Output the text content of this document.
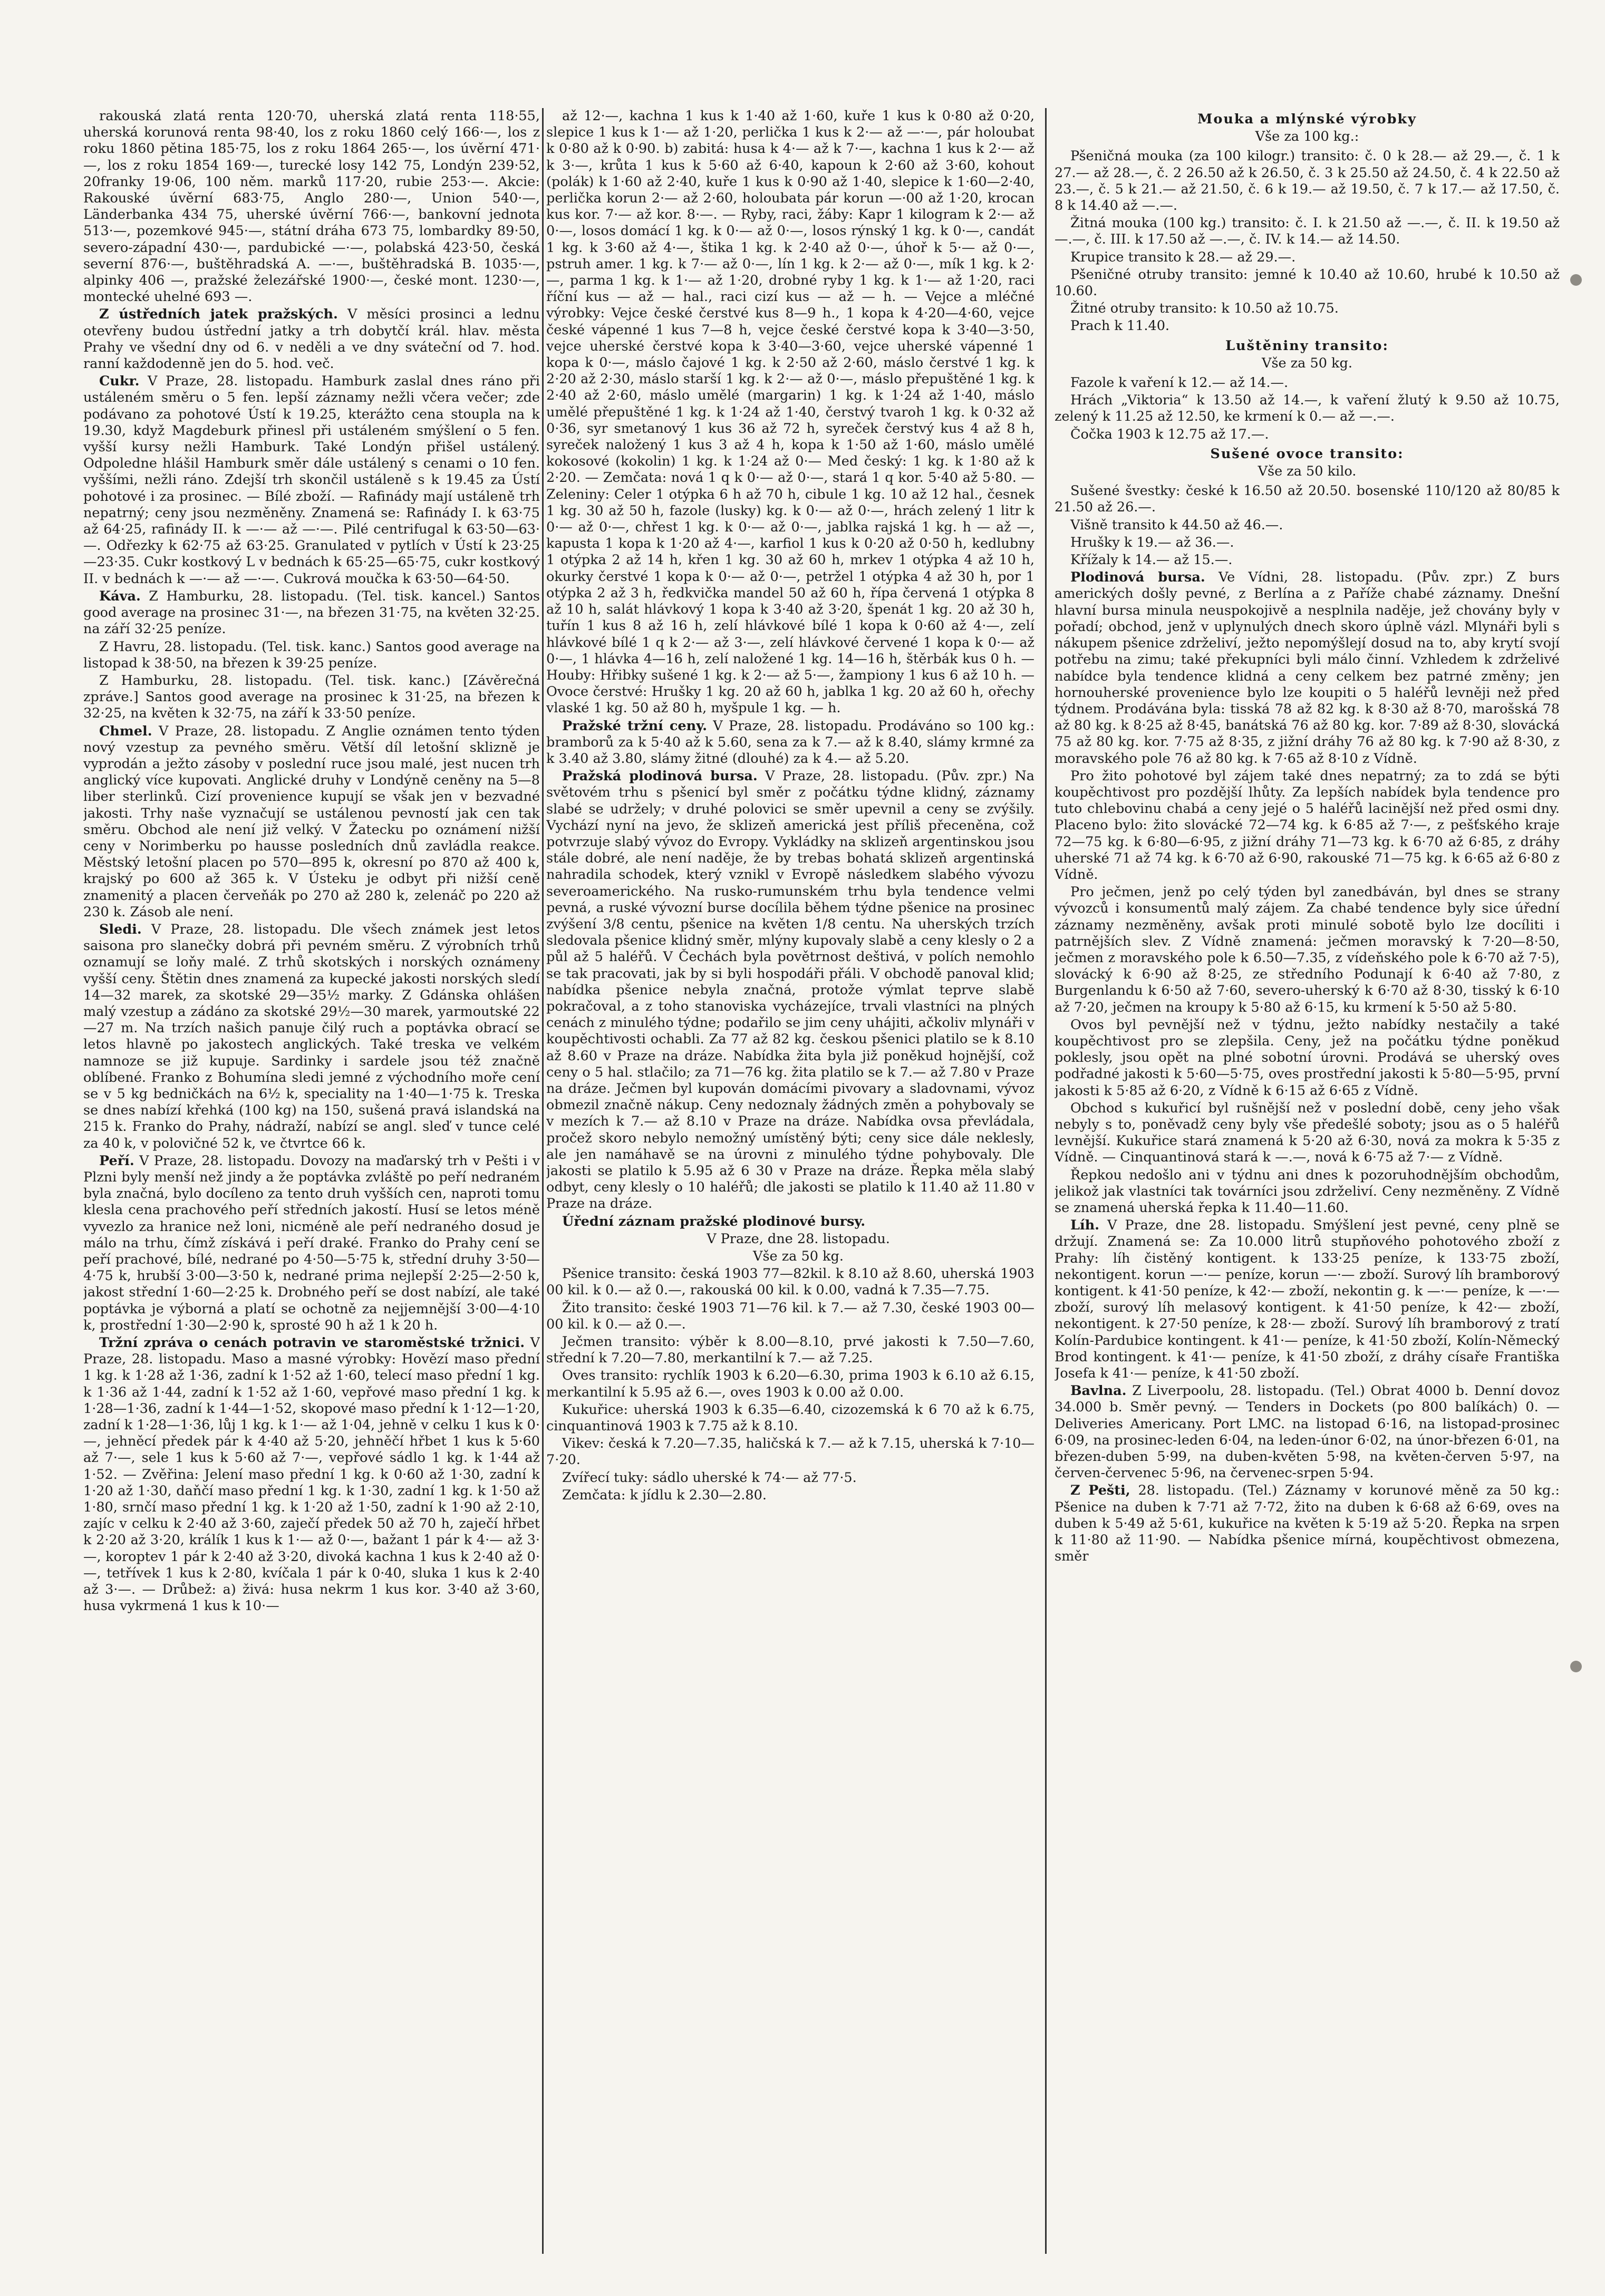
rakouská zlatá renta 120·70, uherská zlatá renta 118·55, uherská korunová renta 98·40, los z roku 1860 celý 166·—, los z roku 1860 pětina 185·75, los z roku 1864 265·—, los úvěrní 471·—, los z roku 1854 169·—, turecké losy 142 75, Londýn 239·52, 20franky 19·06, 100 něm. marků 117·20, rubie 253·—. Akcie: Rakouské úvěrní 683·75, Anglo 280·—, Union 540·—, Länderbanka 434 75, uherské úvěrní 766·—, bankovní jednota 513·—, pozemkové 945·—, státní dráha 673 75, lombardky 89·50, severo-západní 430·—, pardubické —·—, polabská 423·50, česká severní 876·—, buštěhradská A. —·—, buštěhradská B. 1035·—, alpinky 406 —, pražské železářské 1900·—, české mont. 1230·—, montecké uhelné 693 —.

Z ústředních jatek pražských. V měsíci prosinci a lednu otevřeny budou ústřední jatky a trh dobytčí král. hlav. města Prahy ve všední dny od 6. v neděli a ve dny sváteční od 7. hod. ranní každodenně jen do 5. hod. več.

Cukr. V Praze, 28. listopadu. Hamburk zaslal dnes ráno při ustáleném směru o 5 fen. lepší záznamy nežli včera večer; zde podávano za pohotové Ústí k 19.25, kterážto cena stoupla na k 19.30, když Magdeburk přinesl při ustáleném smýšlení o 5 fen. vyšší kursy nežli Hamburk. Také Londýn přišel ustálený. Odpoledne hlášil Hamburk směr dále ustálený s cenami o 10 fen. vyššími, nežli ráno. Zdejší trh skončil ustáleně s k 19.45 za Ústí pohotové i za prosinec. — Bílé zboží. — Rafinády mají ustáleně trh nepatrný; ceny jsou nezměněny. Znamená se: Rafinády I. k 63·75 až 64·25, rafinády II. k —·— až —·—. Pilé centrifugal k 63·50—63·—. Odřezky k 62·75 až 63·25. Granulated v pytlích v Ústí k 23·25—23·35. Cukr kostkový L v bednách k 65·25—65·75, cukr kostkový II. v bednách k —·— až —·—. Cukrová moučka k 63·50—64·50.

Káva. Z Hamburku, 28. listopadu. (Tel. tisk. kancel.) Santos good average na prosinec 31·—, na březen 31·75, na květen 32·25. na září 32·25 peníze.

Z Havru, 28. listopadu. (Tel. tisk. kanc.) Santos good average na listopad k 38·50, na březen k 39·25 peníze.

Z Hamburku, 28. listopadu. (Tel. tisk. kanc.) [Závěrečná zpráve.] Santos good average na prosinec k 31·25, na březen k 32·25, na květen k 32·75, na září k 33·50 peníze.

Chmel. V Praze, 28. listopadu. Z Anglie oznámen tento týden nový vzestup za pevného směru. Větší díl letošní sklizně je vyprodán a ježto zásoby v poslední ruce jsou malé, jest nucen trh anglický více kupovati. Anglické druhy v Londýně ceněny na 5—8 liber sterlinků. Cizí provenience kupují se však jen v bezvadné jakosti. Trhy naše vyznačují se ustálenou pevností jak cen tak směru. Obchod ale není již velký. V Žatecku po oznámení nižší ceny v Norimberku po hausse posledních dnů zavládla reakce. Městský letošní placen po 570—895 k, okresní po 870 až 400 k, krajský po 600 až 365 k. V Ústeku je odbyt při nižší ceně znamenitý a placen červeňák po 270 až 280 k, zelenáč po 220 až 230 k. Zásob ale není.

Sledi. V Praze, 28. listopadu. Dle všech známek jest letos saisona pro slanečky dobrá při pevném směru. Z výrobních trhů oznamují se loňy malé. Z trhů skotských i norských oznámeny vyšší ceny. Štětin dnes znamená za kupecké jakosti norských sledí 14—32 marek, za skotské 29—35½ marky. Z Gdánska ohlášen malý vzestup a zádáno za skotské 29½—30 marek, yarmoutské 22—27 m. Na trzích našich panuje čilý ruch a poptávka obrací se letos hlavně po jakostech anglických. Také treska ve velkém namnoze se již kupuje. Sardinky i sardele jsou též značně oblíbené. Franko z Bohumína sledi jemné z východního moře cení se v 5 kg bedničkách na 6½ k, speciality na 1·40—1·75 k. Treska se dnes nabízí křehká (100 kg) na 150, sušená pravá islandská na 215 k. Franko do Prahy, nádraží, nabízí se angl. sleď v tunce celé za 40 k, v polovičné 52 k, ve čtvrtce 66 k.

Peří. V Praze, 28. listopadu. Dovozy na maďarský trh v Pešti i v Plzni byly menší než jindy a že poptávka zvláště po peří nedraném byla značná, bylo docíleno za tento druh vyšších cen, naproti tomu klesla cena prachového peří středních jakostí. Husí se letos méně vyvezlo za hranice než loni, nicméně ale peří nedraného dosud je málo na trhu, čímž získává i peří draké. Franko do Prahy cení se peří prachové, bílé, nedrané po 4·50—5·75 k, střední druhy 3·50—4·75 k, hrubší 3·00—3·50 k, nedrané prima nejlepší 2·25—2·50 k, jakost střední 1·60—2·25 k. Drobného peří se dost nabízí, ale také poptávka je výborná a platí se ochotně za nejjemnější 3·00—4·10 k, prostřední 1·30—2·90 k, sprosté 90 h až 1 k 20 h.

Tržní zpráva o cenách potravin ve staroměstské tržnici. V Praze, 28. listopadu. Maso a masné výrobky: Hovězí maso přední 1 kg. k 1·28 až 1·36, zadní k 1·52 až 1·60, telecí maso přední 1 kg. k 1·36 až 1·44, zadní k 1·52 až 1·60, vepřové maso přední 1 kg. k 1·28—1·36, zadní k 1·44—1·52, skopové maso přední k 1·12—1·20, zadní k 1·28—1·36, lůj 1 kg. k 1·— až 1·04, jehně v celku 1 kus k 0·—, jehněcí předek pár k 4·40 až 5·20, jehněčí hřbet 1 kus k 5·60 až 7·—, sele 1 kus k 5·60 až 7·—, vepřové sádlo 1 kg. k 1·44 až 1·52. — Zvěřina: Jelení maso přední 1 kg. k 0·60 až 1·30, zadní k 1·20 až 1·30, daňčí maso přední 1 kg. k 1·30, zadní 1 kg. k 1·50 až 1·80, srnčí maso přední 1 kg. k 1·20 až 1·50, zadní k 1·90 až 2·10, zajíc v celku k 2·40 až 3·60, zaječí předek 50 až 70 h, zaječí hřbet k 2·20 až 3·20, králík 1 kus k 1·— až 0·—, bažant 1 pár k 4·— až 3·—, koroptev 1 pár k 2·40 až 3·20, divoká kachna 1 kus k 2·40 až 0·—, tetřívek 1 kus k 2·80, kvíčala 1 pár k 0·40, sluka 1 kus k 2·40 až 3·—. — Drůbež: a) živá: husa nekrm 1 kus kor. 3·40 až 3·60, husa vykrmená 1 kus k 10·—

až 12·—, kachna 1 kus k 1·40 až 1·60, kuře 1 kus k 0·80 až 0·20, slepice 1 kus k 1·— až 1·20, perlička 1 kus k 2·— až —·—, pár holoubat k 0·80 až k 0·90. b) zabitá: husa k 4·— až k 7·—, kachna 1 kus k 2·— až k 3·—, krůta 1 kus k 5·60 až 6·40, kapoun k 2·60 až 3·60, kohout (polák) k 1·60 až 2·40, kuře 1 kus k 0·90 až 1·40, slepice k 1·60—2·40, perlička korun 2·— až 2·60, holoubata pár korun —·00 až 1·20, krocan kus kor. 7·— až kor. 8·—. — Ryby, raci, žáby: Kapr 1 kilogram k 2·— až 0·—, losos domácí 1 kg. k 0·— až 0·—, losos rýnský 1 kg. k 0·—, candát 1 kg. k 3·60 až 4·—, štika 1 kg. k 2·40 až 0·—, úhoř k 5·— až 0·—, pstruh amer. 1 kg. k 7·— až 0·—, lín 1 kg. k 2·— až 0·—, mík 1 kg. k 2·—, parma 1 kg. k 1·— až 1·20, drobné ryby 1 kg. k 1·— až 1·20, raci říční kus — až — hal., raci cizí kus — až — h. — Vejce a mléčné výrobky: Vejce české čerstvé kus 8—9 h., 1 kopa k 4·20—4·60, vejce české vápenné 1 kus 7—8 h, vejce české čerstvé kopa k 3·40—3·50, vejce uherské čerstvé kopa k 3·40—3·60, vejce uherské vápenné 1 kopa k 0·—, máslo čajové 1 kg. k 2·50 až 2·60, máslo čerstvé 1 kg. k 2·20 až 2·30, máslo starší 1 kg. k 2·— až 0·—, máslo přepuštěné 1 kg. k 2·40 až 2·60, máslo umělé (margarin) 1 kg. k 1·24 až 1·40, máslo umělé přepuštěné 1 kg. k 1·24 až 1·40, čerstvý tvaroh 1 kg. k 0·32 až 0·36, syr smetanový 1 kus 36 až 72 h, syreček čerstvý kus 4 až 8 h, syreček naložený 1 kus 3 až 4 h, kopa k 1·50 až 1·60, máslo umělé kokosové (kokolin) 1 kg. k 1·24 až 0·— Med český: 1 kg. k 1·80 až k 2·20. — Zemčata: nová 1 q k 0·— až 0·—, stará 1 q kor. 5·40 až 5·80. — Zeleniny: Celer 1 otýpka 6 h až 70 h, cibule 1 kg. 10 až 12 hal., česnek 1 kg. 30 až 50 h, fazole (lusky) kg. k 0·— až 0·—, hrách zelený 1 litr k 0·— až 0·—, chřest 1 kg. k 0·— až 0·—, jablka rajská 1 kg. h — až —, kapusta 1 kopa k 1·20 až 4·—, karfiol 1 kus k 0·20 až 0·50 h, kedlubny 1 otýpka 2 až 14 h, křen 1 kg. 30 až 60 h, mrkev 1 otýpka 4 až 10 h, okurky čerstvé 1 kopa k 0·— až 0·—, petržel 1 otýpka 4 až 30 h, por 1 otýpka 2 až 3 h, ředkvička mandel 50 až 60 h, řípa červená 1 otýpka 8 až 10 h, salát hlávkový 1 kopa k 3·40 až 3·20, špenát 1 kg. 20 až 30 h, tuřín 1 kus 8 až 16 h, zelí hlávkové bílé 1 kopa k 0·60 až 4·—, zelí hlávkové bílé 1 q k 2·— až 3·—, zelí hlávkové červené 1 kopa k 0·— až 0·—, 1 hlávka 4—16 h, zelí naložené 1 kg. 14—16 h, štěrbák kus 0 h. — Houby: Hřibky sušené 1 kg. k 2·— až 5·—, žampiony 1 kus 6 až 10 h. — Ovoce čerstvé: Hrušky 1 kg. 20 až 60 h, jablka 1 kg. 20 až 60 h, ořechy vlaské 1 kg. 50 až 80 h, myšpule 1 kg. — h.

Pražské tržní ceny. V Praze, 28. listopadu. Prodáváno so 100 kg.: bramborů za k 5·40 až k 5.60, sena za k 7.— až k 8.40, slámy krmné za k 3.40 až 3.80, slámy žitné (dlouhé) za k 4.— až 5.20.

Pražská plodinová bursa. V Praze, 28. listopadu. (Pův. zpr.) Na světovém trhu s pšenicí byl směr z počátku týdne klidný, záznamy slabé se udržely; v druhé polovici se směr upevnil a ceny se zvýšily. Vychází nyní na jevo, že sklizeň americká jest příliš přeceněna, což potvrzuje slabý vývoz do Evropy. Vykládky na sklizeň argentinskou jsou stále dobré, ale není naděje, že by trebas bohatá sklizeň argentinská nahradila schodek, který vznikl v Evropě následkem slabého vývozu severoamerického. Na rusko-rumunském trhu byla tendence velmi pevná, a ruské vývozní burse docílila během týdne pšenice na prosinec zvýšení 3/8 centu, pšenice na květen 1/8 centu. Na uherských trzích sledovala pšenice klidný směr, mlýny kupovaly slabě a ceny klesly o 2 a půl až 5 haléřů. V Čechách byla povětrnost deštivá, v polích nemohlo se tak pracovati, jak by si byli hospodáři přáli. V obchodě panoval klid; nabídka pšenice nebyla značná, protože výmlat teprve slabě pokračoval, a z toho stanoviska vycházejíce, trvali vlastníci na plných cenách z minulého týdne; podařilo se jim ceny uhájiti, ačkoliv mlynáři v koupěchtivosti ochabli. Za 77 až 82 kg. českou pšenici platilo se k 8.10 až 8.60 v Praze na dráze. Nabídka žita byla již poněkud hojnější, což ceny o 5 hal. stlačilo; za 71—76 kg. žita platilo se k 7.— až 7.80 v Praze na dráze. Ječmen byl kupován domácími pivovary a sladovnami, vývoz obmezil značně nákup. Ceny nedoznaly žádných změn a pohybovaly se v mezích k 7.— až 8.10 v Praze na dráze. Nabídka ovsa převládala, pročež skoro nebylo nemožný umístěný býti; ceny sice dále neklesly, ale jen namáhavě se na úrovni z minulého týdne pohybovaly. Dle jakosti se platilo k 5.95 až 6 30 v Praze na dráze. Řepka měla slabý odbyt, ceny klesly o 10 haléřů; dle jakosti se platilo k 11.40 až 11.80 v Praze na dráze.

Úřední záznam pražské plodinové bursy.

V Praze, dne 28. listopadu.

Vše za 50 kg.

Pšenice transito: česká 1903 77—82kil. k 8.10 až 8.60, uherská 1903 00 kil. k 0.— až 0.—, rakouská 00 kil. k 0.00, vadná k 7.35—7.75.

Žito transito: české 1903 71—76 kil. k 7.— až 7.30, české 1903 00—00 kil. k 0.— až 0.—.

Ječmen transito: výběr k 8.00—8.10, prvé jakosti k 7.50—7.60, střední k 7.20—7.80, merkantilní k 7.— až 7.25.

Oves transito: rychlík 1903 k 6.20—6.30, prima 1903 k 6.10 až 6.15, merkantilní k 5.95 až 6.—, oves 1903 k 0.00 až 0.00.

Kukuřice: uherská 1903 k 6.35—6.40, cizozemská k 6 70 až k 6.75, cinquantinová 1903 k 7.75 až k 8.10.

Vikev: česká k 7.20—7.35, haličská k 7.— až k 7.15, uherská k 7·10—7·20.

Zvířecí tuky: sádlo uherské k 74·— až 77·5.

Zemčata: k jídlu k 2.30—2.80.

Mouka a mlýnské výrobky
Vše za 100 kg.:

Pšeničná mouka (za 100 kilogr.) transito: č. 0 k 28.— až 29.—, č. 1 k 27.— až 28.—, č. 2 26.50 až k 26.50, č. 3 k 25.50 až 24.50, č. 4 k 22.50 až 23.—, č. 5 k 21.— až 21.50, č. 6 k 19.— až 19.50, č. 7 k 17.— až 17.50, č. 8 k 14.40 až —.—.

Žitná mouka (100 kg.) transito: č. I. k 21.50 až —.—, č. II. k 19.50 až —.—, č. III. k 17.50 až —.—, č. IV. k 14.— až 14.50.

Krupice transito k 28.— až 29.—.

Pšeničné otruby transito: jemné k 10.40 až 10.60, hrubé k 10.50 až 10.60.

Žitné otruby transito: k 10.50 až 10.75.

Prach k 11.40.

Luštěniny transito:
Vše za 50 kg.

Fazole k vaření k 12.— až 14.—.

Hrách „Viktoria“ k 13.50 až 14.—, k vaření žlutý k 9.50 až 10.75, zelený k 11.25 až 12.50, ke krmení k 0.— až —.—.

Čočka 1903 k 12.75 až 17.—.

Sušené ovoce transito:
Vše za 50 kilo.

Sušené švestky: české k 16.50 až 20.50. bosenské 110/120 až 80/85 k 21.50 až 26.—.

Višně transito k 44.50 až 46.—.

Hrušky k 19.— až 36.—.

Křížaly k 14.— až 15.—.

Plodinová bursa. Ve Vídni, 28. listopadu. (Pův. zpr.) Z burs amerických došly pevné, z Berlína a z Paříže chabé záznamy. Dnešní hlavní bursa minula neuspokojivě a nesplnila naděje, jež chovány byly v pořadí; obchod, jenž v uplynulých dnech skoro úplně vázl. Mlynáři byli s nákupem pšenice zdrželiví, ježto nepomýšlejí dosud na to, aby krytí svojí potřebu na zimu; také překupníci byli málo činní. Vzhledem k zdrželivé nabídce byla tendence klidná a ceny celkem bez patrné změny; jen hornouherské provenience bylo lze koupiti o 5 haléřů levněji než před týdnem. Prodávána byla: tisská 78 až 82 kg. k 8·30 až 8·70, marošská 78 až 80 kg. k 8·25 až 8·45, banátská 76 až 80 kg. kor. 7·89 až 8·30, slovácká 75 až 80 kg. kor. 7·75 až 8·35, z jižní dráhy 76 až 80 kg. k 7·90 až 8·30, z moravského pole 76 až 80 kg. k 7·65 až 8·10 z Vídně.

Pro žito pohotové byl zájem také dnes nepatrný; za to zdá se býti koupěchtivost pro pozdější lhůty. Za lepších nabídek byla tendence pro tuto chlebovinu chabá a ceny jejé o 5 haléřů lacinější než před osmi dny. Placeno bylo: žito slovácké 72—74 kg. k 6·85 až 7·—, z pešťského kraje 72—75 kg. k 6·80—6·95, z jižní dráhy 71—73 kg. k 6·70 až 6·85, z dráhy uherské 71 až 74 kg. k 6·70 až 6·90, rakouské 71—75 kg. k 6·65 až 6·80 z Vídně.

Pro ječmen, jenž po celý týden byl zanedbáván, byl dnes se strany vývozců i konsumentů malý zájem. Za chabé tendence byly sice úřední záznamy nezměněny, avšak proti minulé sobotě bylo lze docíliti i patrnějších slev. Z Vídně znamená: ječmen moravský k 7·20—8·50, ječmen z moravského pole k 6.50—7.35, z vídeňského pole k 6·70 až 7·5), slovácký k 6·90 až 8·25, ze středního Podunají k 6·40 až 7·80, z Burgenlandu k 6·50 až 7·60, severo-uherský k 6·70 až 8·30, tisský k 6·10 až 7·20, ječmen na kroupy k 5·80 až 6·15, ku krmení k 5·50 až 5·80.

Ovos byl pevnější než v týdnu, ježto nabídky nestačily a také koupěchtivost pro se zlepšila. Ceny, jež na počátku týdne poněkud poklesly, jsou opět na plné sobotní úrovni. Prodává se uherský oves podřadné jakosti k 5·60—5·75, oves prostřední jakosti k 5·80—5·95, první jakosti k 5·85 až 6·20, z Vídně k 6·15 až 6·65 z Vídně.

Obchod s kukuřicí byl rušnější než v poslední době, ceny jeho však nebyly s to, poněvadž ceny byly vše předešlé soboty; jsou as o 5 haléřů levnější. Kukuřice stará znamená k 5·20 až 6·30, nová za mokra k 5·35 z Vídně. — Cinquantinová stará k —.—, nová k 6·75 až 7·— z Vídně.

Řepkou nedošlo ani v týdnu ani dnes k pozoruhodnějším obchodům, jelikož jak vlastníci tak továrníci jsou zdrželiví. Ceny nezměněny. Z Vídně se znamená uherská řepka k 11.40—11.60.

Líh. V Praze, dne 28. listopadu. Smýšlení jest pevné, ceny plně se držují. Znamená se: Za 10.000 litrů stupňového pohotového zboží z Prahy: líh čistěný kontigent. k 133·25 peníze, k 133·75 zboží, nekontigent. korun —·— peníze, korun —·— zboží. Surový líh bramborový kontigent. k 41·50 peníze, k 42·— zboží, nekontin g. k —·— peníze, k —·— zboží, surový líh melasový kontigent. k 41·50 peníze, k 42·— zboží, nekontigent. k 27·50 peníze, k 28·— zboží. Surový líh bramborový z tratí Kolín-Pardubice kontingent. k 41·— peníze, k 41·50 zboží, Kolín-Německý Brod kontingent. k 41·— peníze, k 41·50 zboží, z dráhy císaře Františka Josefa k 41·— peníze, k 41·50 zboží.

Bavlna. Z Liverpoolu, 28. listopadu. (Tel.) Obrat 4000 b. Denní dovoz 34.000 b. Směr pevný. — Tenders in Dockets (po 800 balíkách) 0. — Deliveries Americany. Port LMC. na listopad 6·16, na listopad-prosinec 6·09, na prosinec-leden 6·04, na leden-únor 6·02, na únor-březen 6·01, na březen-duben 5·99, na duben-květen 5·98, na květen-červen 5·97, na červen-červenec 5·96, na červenec-srpen 5·94.

Z Pešti, 28. listopadu. (Tel.) Záznamy v korunové měně za 50 kg.: Pšenice na duben k 7·71 až 7·72, žito na duben k 6·68 až 6·69, oves na duben k 5·49 až 5·61, kukuřice na květen k 5·19 až 5·20. Řepka na srpen k 11·80 až 11·90. — Nabídka pšenice mírná, koupěchtivost obmezena, směr
